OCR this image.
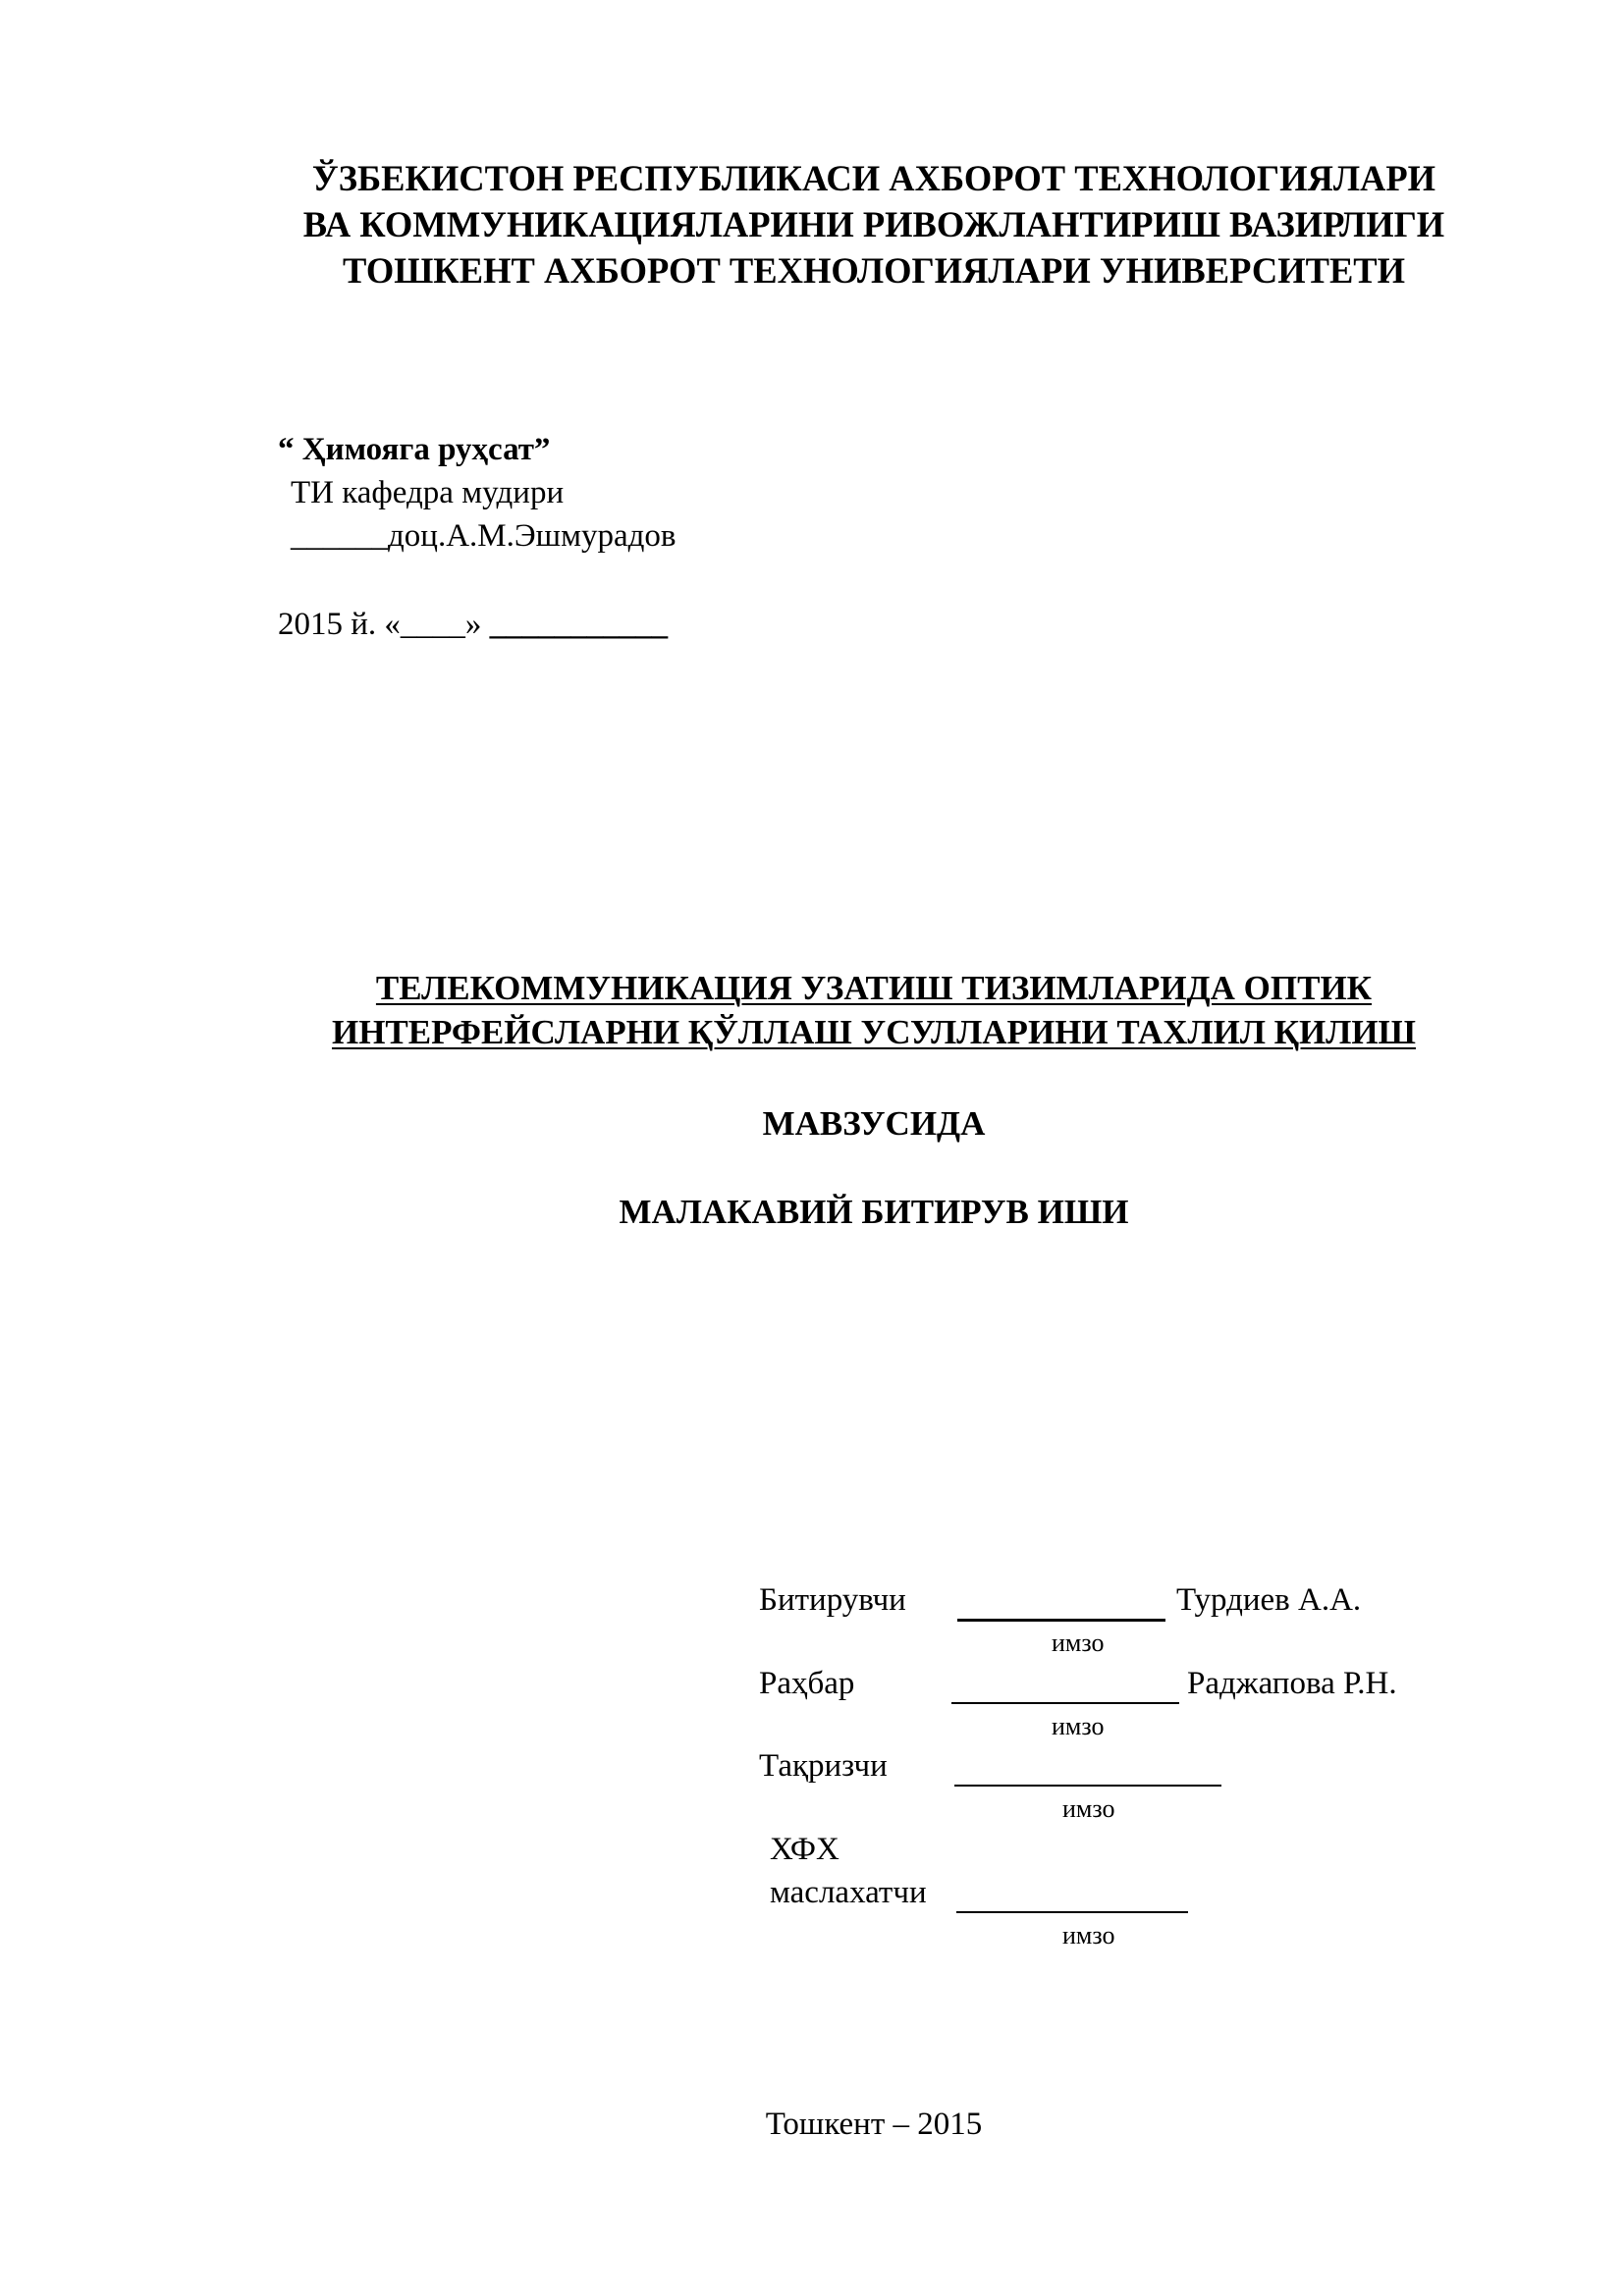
ЎЗБЕКИСТОН РЕСПУБЛИКАСИ АХБОРОТ ТЕХНОЛОГИЯЛАРИ
ВА КОММУНИКАЦИЯЛАРИНИ РИВОЖЛАНТИРИШ ВАЗИРЛИГИ
ТОШКЕНТ АХБОРОТ ТЕХНОЛОГИЯЛАРИ УНИВЕРСИТЕТИ
“ Ҳимояга руҳсат”
ТИ кафедра мудири
______доц.А.М.Эшмурадов
2015 й. «____» ___________
ТЕЛЕКОММУНИКАЦИЯ УЗАТИШ ТИЗИМЛАРИДА ОПТИК
ИНТЕРФЕЙСЛАРНИ ҚЎЛЛАШ УСУЛЛАРИНИ ТАХЛИЛ ҚИЛИШ
МАВЗУСИДА
МАЛАКАВИЙ БИТИРУВ ИШИ
Битирувчи	Турдиев А.А.
имзо
Раҳбар	Раджапова Р.Н.
имзо
Тақризчи
имзо
ХФХ
маслахатчи
имзо
Тошкент – 2015
